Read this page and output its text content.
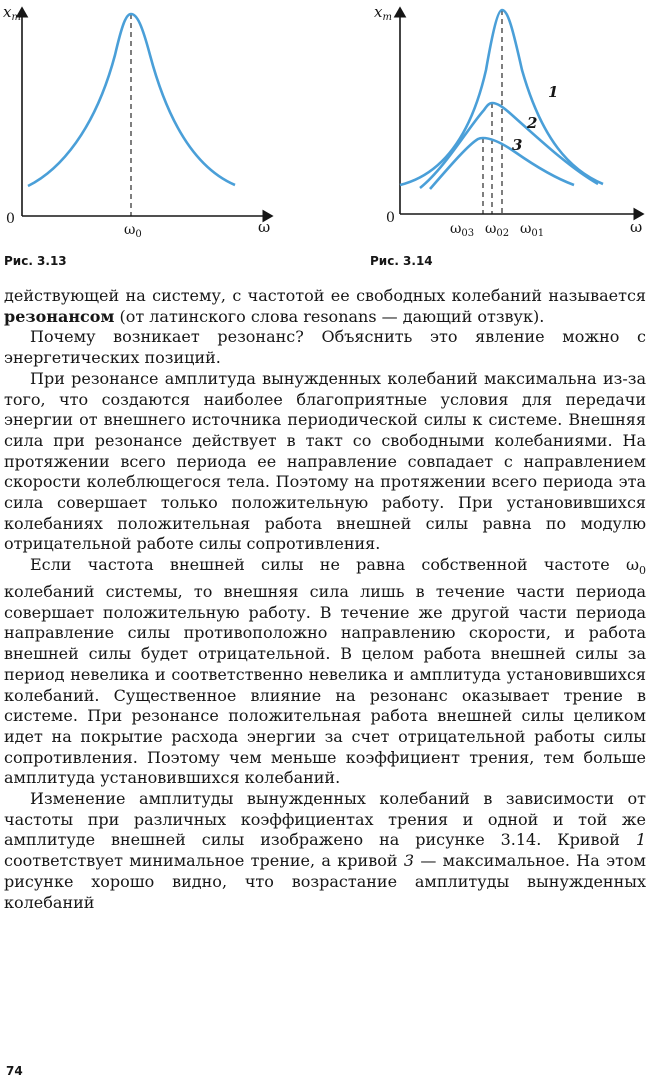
$x_m$
0	ω
$\omega_0$
Рис. 3.13
$x_m$
0	ω
1
2
3
$\omega_{03}$ $\omega_{02}$ $\omega_{01}$
Рис. 3.14

действующей на систему, с частотой ее свободных колебаний называется резонансом (от латинского слова resonans — дающий отзвук).

Почему возникает резонанс? Объяснить это явление можно с энергетических позиций.

При резонансе амплитуда вынужденных колебаний максимальна из-за того, что создаются наиболее благоприятные условия для передачи энергии от внешнего источника периодической силы к системе. Внешняя сила при резонансе действует в такт со свободными колебаниями. На протяжении всего периода ее направление совпадает с направлением скорости колеблющегося тела. Поэтому на протяжении всего периода эта сила совершает только положительную работу. При установившихся колебаниях положительная работа внешней силы равна по модулю отрицательной работе силы сопротивления.

Если частота внешней силы не равна собственной частоте $\omega_0$ колебаний системы, то внешняя сила лишь в течение части периода совершает положительную работу. В течение же другой части периода направление силы противоположно направлению скорости, и работа внешней силы будет отрицательной. В целом работа внешней силы за период невелика и соответственно невелика и амплитуда установившихся колебаний. Существенное влияние на резонанс оказывает трение в системе. При резонансе положительная работа внешней силы целиком идет на покрытие расхода энергии за счет отрицательной работы силы сопротивления. Поэтому чем меньше коэффициент трения, тем больше амплитуда установившихся колебаний.

Изменение амплитуды вынужденных колебаний в зависимости от частоты при различных коэффициентах трения и одной и той же амплитуде внешней силы изображено на рисунке 3.14. Кривой 1 соответствует минимальное трение, а кривой 3 — максимальное. На этом рисунке хорошо видно, что возрастание амплитуды вынужденных колебаний

74
